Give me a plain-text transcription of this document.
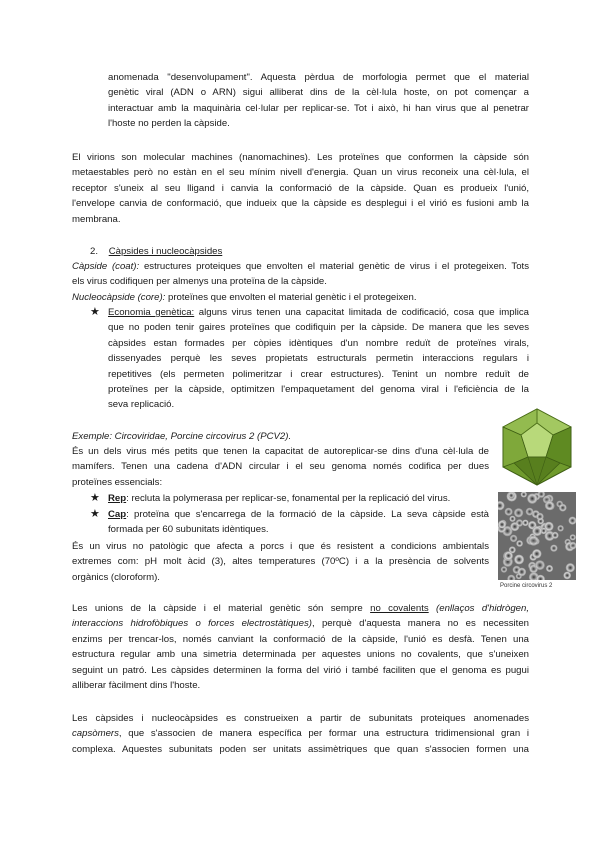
anomenada "desenvolupament". Aquesta pèrdua de morfologia permet que el material
genètic viral (ADN o ARN) sigui alliberat dins de la cèl·lula hoste, on pot començar a
interactuar amb la maquinària cel·lular per replicar-se. Tot i això, hi han virus que al penetrar
l'hoste no perden la càpside.
El virions son molecular machines (nanomachines). Les proteïnes que conformen la càpside són
metaestables però no estàn en el seu mínim nivell d'energia. Quan un virus reconeix una cèl·lula, el
receptor s'uneix al seu lligand i canvia la conformació de la càpside. Quan es produeix l'unió,
l'envelope canvia de conformació, que indueix que la càpside es desplegui i el virió es fusioni amb la
membrana.
2. Càpsides i nucleocàpsides
Càpside (coat): estructures proteiques que envolten el material genètic de virus i el protegeixen. Tots
els virus codifiquen per almenys una proteïna de la càpside.
Nucleocàpside (core): proteïnes que envolten el material genètic i el protegeixen.
★ Economia genètica: alguns virus tenen una capacitat limitada de codificació, cosa que implica
que no poden tenir gaires proteïnes que codifiquin per la càpside. De manera que les seves
càpsides estan formades per còpies idèntiques d'un nombre reduït de proteïnes virals,
dissenyades perquè les seves propietats estructurals permetin interaccions regulars i
repetitives (els permeten polimeritzar i crear estructures). Tenint un nombre reduït de
proteïnes per la càpside, optimitzen l'empaquetament del genoma viral i l'eficiència de la
seva replicació.
Exemple: Circoviridae, Porcine circovirus 2 (PCV2).
És un dels virus més petits que tenen la capacitat de autoreplicar-se dins d'una cèl·lula de
mamífers. Tenen una cadena d'ADN circular i el seu genoma només codifica per dues
proteïnes essencials:
★ Rep: recluta la polymerasa per replicar-se, fonamental per la replicació del virus.
★ Cap: proteïna que s'encarrega de la formació de la càpside. La seva càpside està
formada per 60 subunitats idèntiques.
És un virus no patològic que afecta a porcs i que és resistent a condicions ambientals
extremes com: pH molt àcid (3), altes temperatures (70ºC) i a la presència de solvents
orgànics (cloroform).
Porcine circovirus 2
Les unions de la càpside i el material genètic són sempre no covalents (enllaços d'hidrògen,
interaccions hidrofòbiques o forces electrostàtiques), perquè d'aquesta manera no es necessiten
enzims per trencar-los, només canviant la conformació de la càpside, l'unió es desfà. Tenen una
estructura regular amb una simetria determinada per aquestes unions no covalents, que s'uneixen
seguint un patró. Les càpsides determinen la forma del virió i també faciliten que el genoma es pugui
alliberar fàcilment dins l'hoste.
Les càpsides i nucleocàpsides es construeixen a partir de subunitats proteiques anomenades
capsòmers, que s'associen de manera específica per formar una estructura tridimensional gran i
complexa. Aquestes subunitats poden ser unitats assimètriques que quan s'associen formen una
